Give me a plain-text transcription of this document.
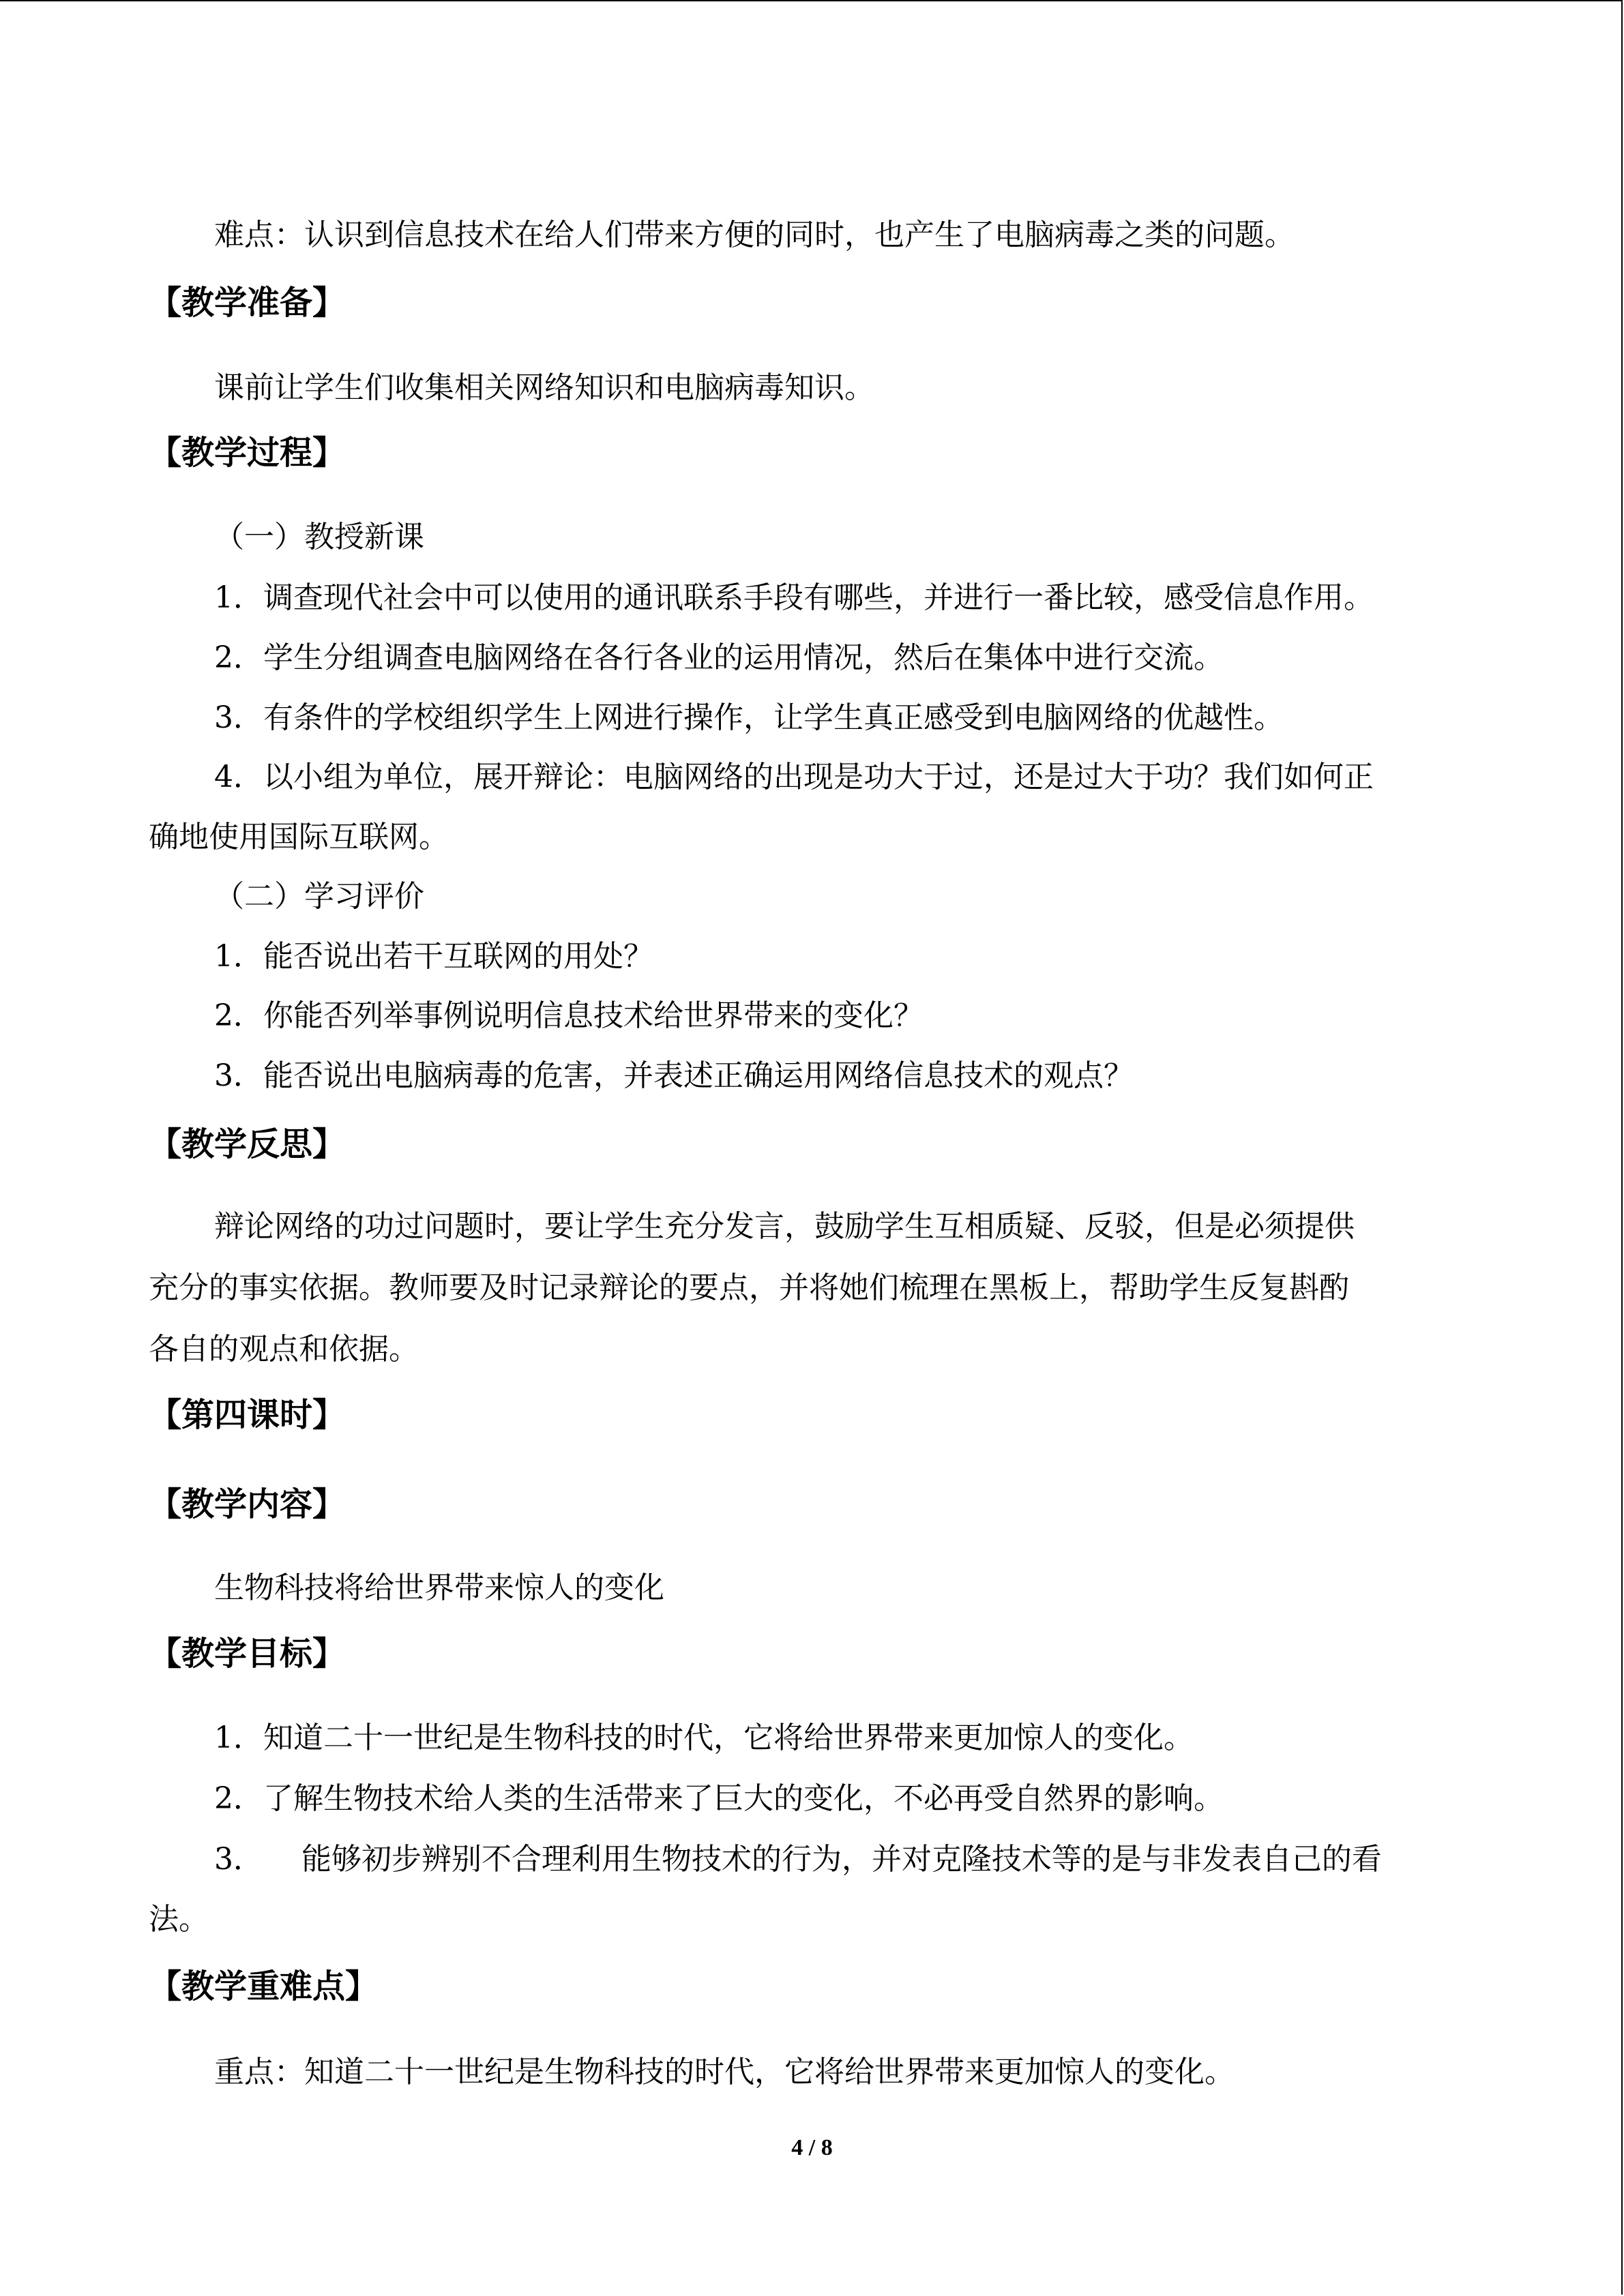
难点：认识到信息技术在给人们带来方便的同时，也产生了电脑病毒之类的问题。
【教学准备】
课前让学生们收集相关网络知识和电脑病毒知识。
【教学过程】
（一）教授新课
1．调查现代社会中可以使用的通讯联系手段有哪些，并进行一番比较，感受信息作用。
2．学生分组调查电脑网络在各行各业的运用情况，然后在集体中进行交流。
3．有条件的学校组织学生上网进行操作，让学生真正感受到电脑网络的优越性。
4．以小组为单位，展开辩论：电脑网络的出现是功大于过，还是过大于功？我们如何正
确地使用国际互联网。
（二）学习评价
1．能否说出若干互联网的用处？
2．你能否列举事例说明信息技术给世界带来的变化？
3．能否说出电脑病毒的危害，并表述正确运用网络信息技术的观点？
【教学反思】
辩论网络的功过问题时，要让学生充分发言，鼓励学生互相质疑、反驳，但是必须提供
充分的事实依据。教师要及时记录辩论的要点，并将她们梳理在黑板上，帮助学生反复斟酌
各自的观点和依据。
【第四课时】
【教学内容】
生物科技将给世界带来惊人的变化
【教学目标】
1．知道二十一世纪是生物科技的时代，它将给世界带来更加惊人的变化。
2．了解生物技术给人类的生活带来了巨大的变化，不必再受自然界的影响。
3．    能够初步辨别不合理利用生物技术的行为，并对克隆技术等的是与非发表自己的看
法。
【教学重难点】
重点：知道二十一世纪是生物科技的时代，它将给世界带来更加惊人的变化。
4 / 8
